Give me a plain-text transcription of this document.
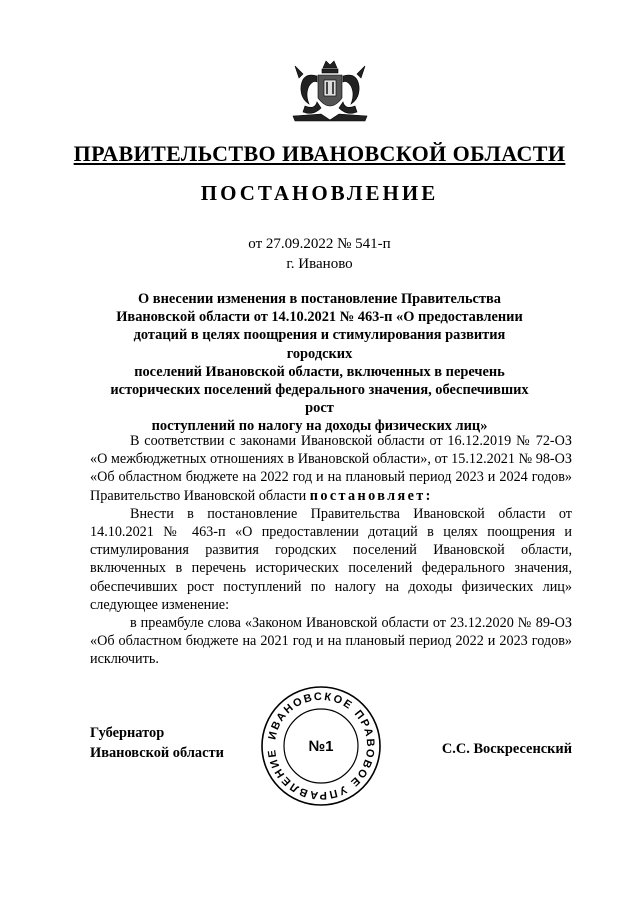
ПРАВИТЕЛЬСТВО ИВАНОВСКОЙ ОБЛАСТИ
ПОСТАНОВЛЕНИЕ
от 27.09.2022 № 541-п
г. Иваново
О внесении изменения в постановление Правительства
Ивановской области от 14.10.2021 № 463-п «О предоставлении
дотаций в целях поощрения и стимулирования развития городских
поселений Ивановской области, включенных в перечень
исторических поселений федерального значения, обеспечивших рост
поступлений по налогу на доходы физических лиц»

В соответствии с законами Ивановской области от 16.12.2019 № 72-ОЗ «О межбюджетных отношениях в Ивановской области», от 15.12.2021 № 98-ОЗ «Об областном бюджете на 2022 год и на плановый период 2023 и 2024 годов» Правительство Ивановской области постановляет:

Внести в постановление Правительства Ивановской области от 14.10.2021 № 463-п «О предоставлении дотаций в целях поощрения и стимулирования развития городских поселений Ивановской области, включенных в перечень исторических поселений федерального значения, обеспечивших рост поступлений по налогу на доходы физических лиц» следующее изменение:

в преамбуле слова «Законом Ивановской области от 23.12.2020 № 89-ОЗ «Об областном бюджете на 2021 год и на плановый период 2022 и 2023 годов» исключить.

Губернатор
Ивановской области	С.С. Воскресенский
ИВАНОВСКОЕ ПРАВОВОЕ УПРАВЛЕНИЕ	№1
